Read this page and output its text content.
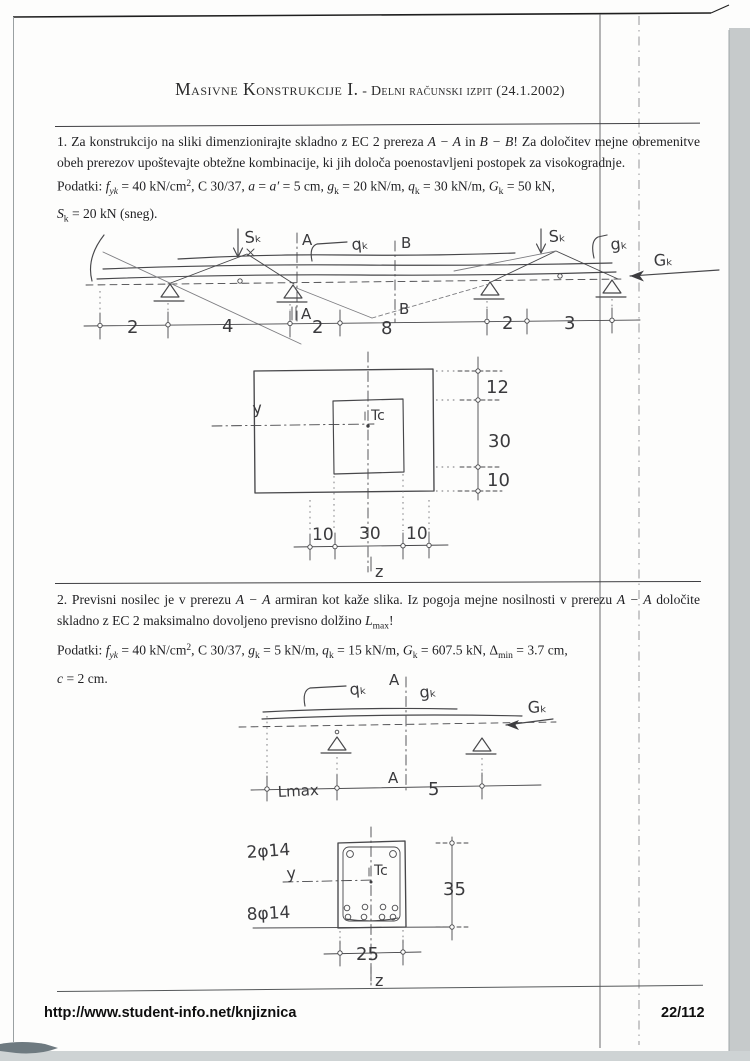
Sₖ	Sₖ
A
A
B
B
qₖ	gₖ
Gₖ
2	4	2	8	2	3
y	Tc
12
30
10
10 30 10
z
qₖ A
gₖ
Gₖ
Lmax
A
5
y	Tc
2φ14
8φ14
35
25
z
Masivne Konstrukcije I. - Delni računski izpit (24.1.2002)
1. Za konstrukcijo na sliki dimenzionirajte skladno z EC 2 prereza A − A in B − B! Za določitev mejne obremenitve obeh prerezov upoštevajte obtežne kombinacije, ki jih določa poenostavljeni postopek za visokogradnje.
Podatki: $f_{yk} = 40$ $kN/cm^2$, C 30/37, a = a′ = 5 cm, $g_k = 20$ kN/m, $q_k = 30$ kN/m, $G_k = 50$ kN,
$S_k = 20$ kN (sneg).
2. Previsni nosilec je v prerezu A − A armiran kot kaže slika. Iz pogoja mejne nosilnosti v prerezu A − A določite skladno z EC 2 maksimalno dovoljeno previsno dolžino $L_{max}$!
Podatki: $f_{yk} = 40$ $kN/cm^2$, C 30/37, $g_k = 5$ kN/m, $q_k = 15$ kN/m, $G_k = 607.5$ kN, $\Delta_{min} = 3.7$ cm,
c = 2 cm.
http://www.student-info.net/knjiznica	22/112
